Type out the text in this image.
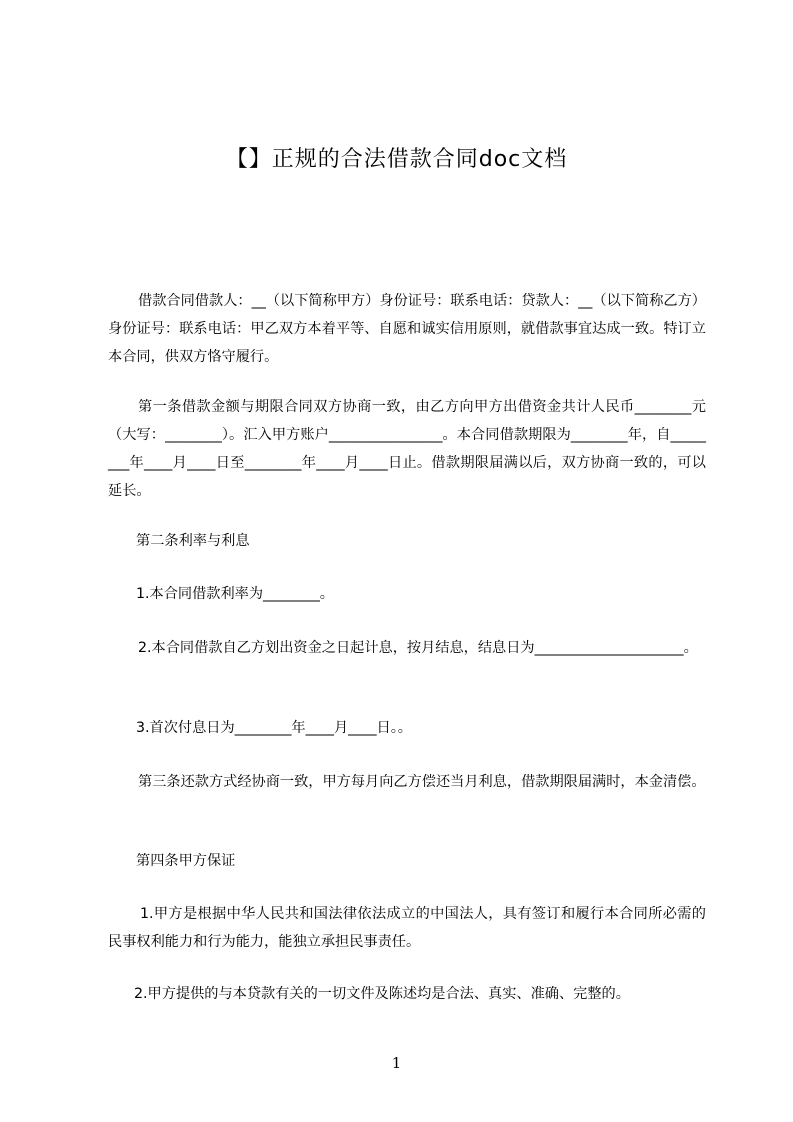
【】正规的合法借款合同doc文档
借款合同借款人：__（以下简称甲方）身份证号：联系电话：贷款人：__（以下简称乙方）身份证号：联系电话：甲乙双方本着平等、自愿和诚实信用原则，就借款事宜达成一致。特订立本合同，供双方恪守履行。
第一条借款金额与期限合同双方协商一致，由乙方向甲方出借资金共计人民币________元（大写：________）。汇入甲方账户________________。本合同借款期限为________年，自________年____月____日至________年____月____日止。借款期限届满以后，双方协商一致的，可以延长。
第二条利率与利息
1.本合同借款利率为________。
2.本合同借款自乙方划出资金之日起计息，按月结息，结息日为_____________________。
3.首次付息日为________年____月____日。。
第三条还款方式经协商一致，甲方每月向乙方偿还当月利息，借款期限届满时，本金清偿。
第四条甲方保证
1.甲方是根据中华人民共和国法律依法成立的中国法人，具有签订和履行本合同所必需的民事权利能力和行为能力，能独立承担民事责任。
2.甲方提供的与本贷款有关的一切文件及陈述均是合法、真实、准确、完整的。
1
